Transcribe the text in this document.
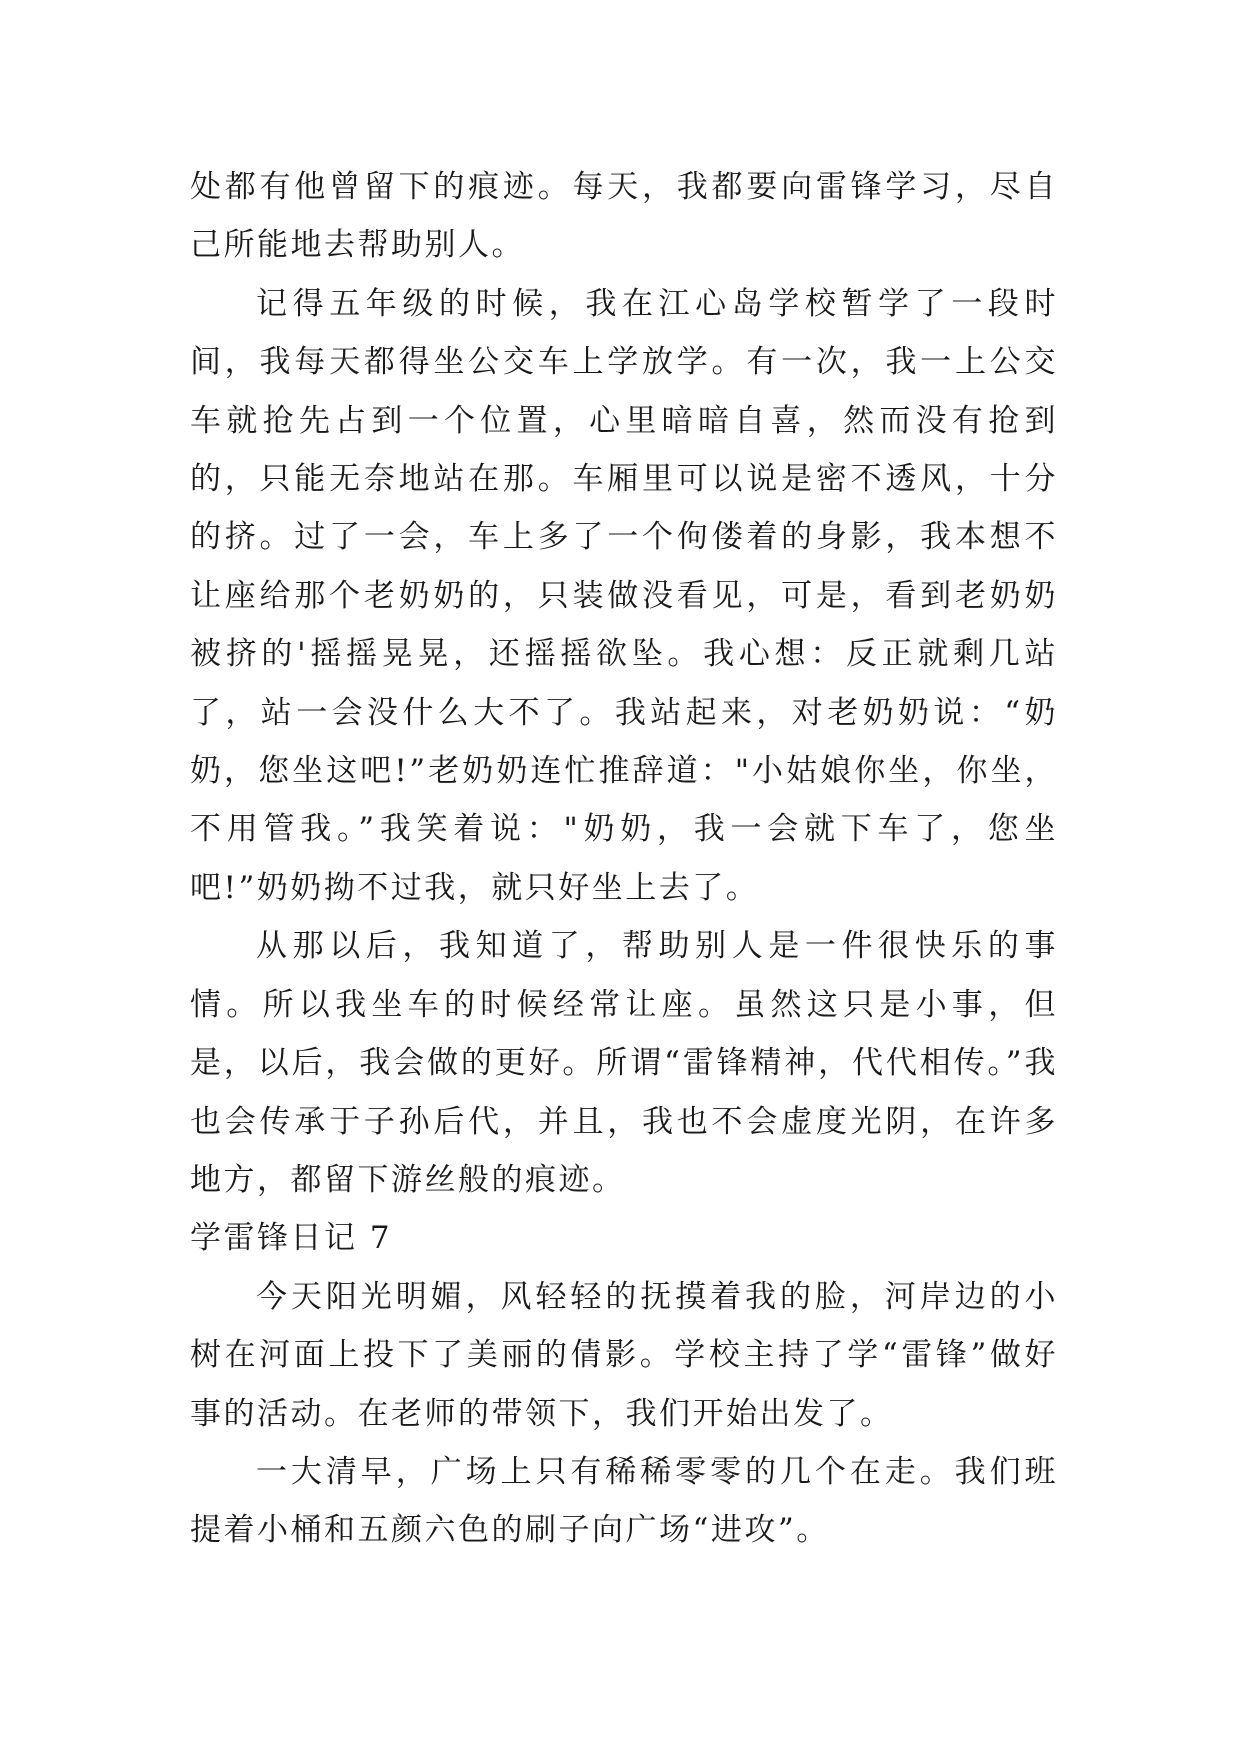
处都有他曾留下的痕迹。每天，我都要向雷锋学习，尽自己所能地去帮助别人。

记得五年级的时候，我在江心岛学校暂学了一段时间，我每天都得坐公交车上学放学。有一次，我一上公交车就抢先占到一个位置，心里暗暗自喜，然而没有抢到的，只能无奈地站在那。车厢里可以说是密不透风，十分的挤。过了一会，车上多了一个佝偻着的身影，我本想不让座给那个老奶奶的，只装做没看见，可是，看到老奶奶被挤的'摇摇晃晃，还摇摇欲坠。我心想：反正就剩几站了，站一会没什么大不了。我站起来，对老奶奶说：“奶奶，您坐这吧!”老奶奶连忙推辞道："小姑娘你坐，你坐，不用管我。”我笑着说："奶奶，我一会就下车了，您坐吧!”奶奶拗不过我，就只好坐上去了。

从那以后，我知道了，帮助别人是一件很快乐的事情。所以我坐车的时候经常让座。虽然这只是小事，但是，以后，我会做的更好。所谓“雷锋精神，代代相传。”我也会传承于子孙后代，并且，我也不会虚度光阴，在许多地方，都留下游丝般的痕迹。

学雷锋日记 7

今天阳光明媚，风轻轻的抚摸着我的脸，河岸边的小树在河面上投下了美丽的倩影。学校主持了学“雷锋”做好事的活动。在老师的带领下，我们开始出发了。

一大清早，广场上只有稀稀零零的几个在走。我们班提着小桶和五颜六色的刷子向广场“进攻”。
